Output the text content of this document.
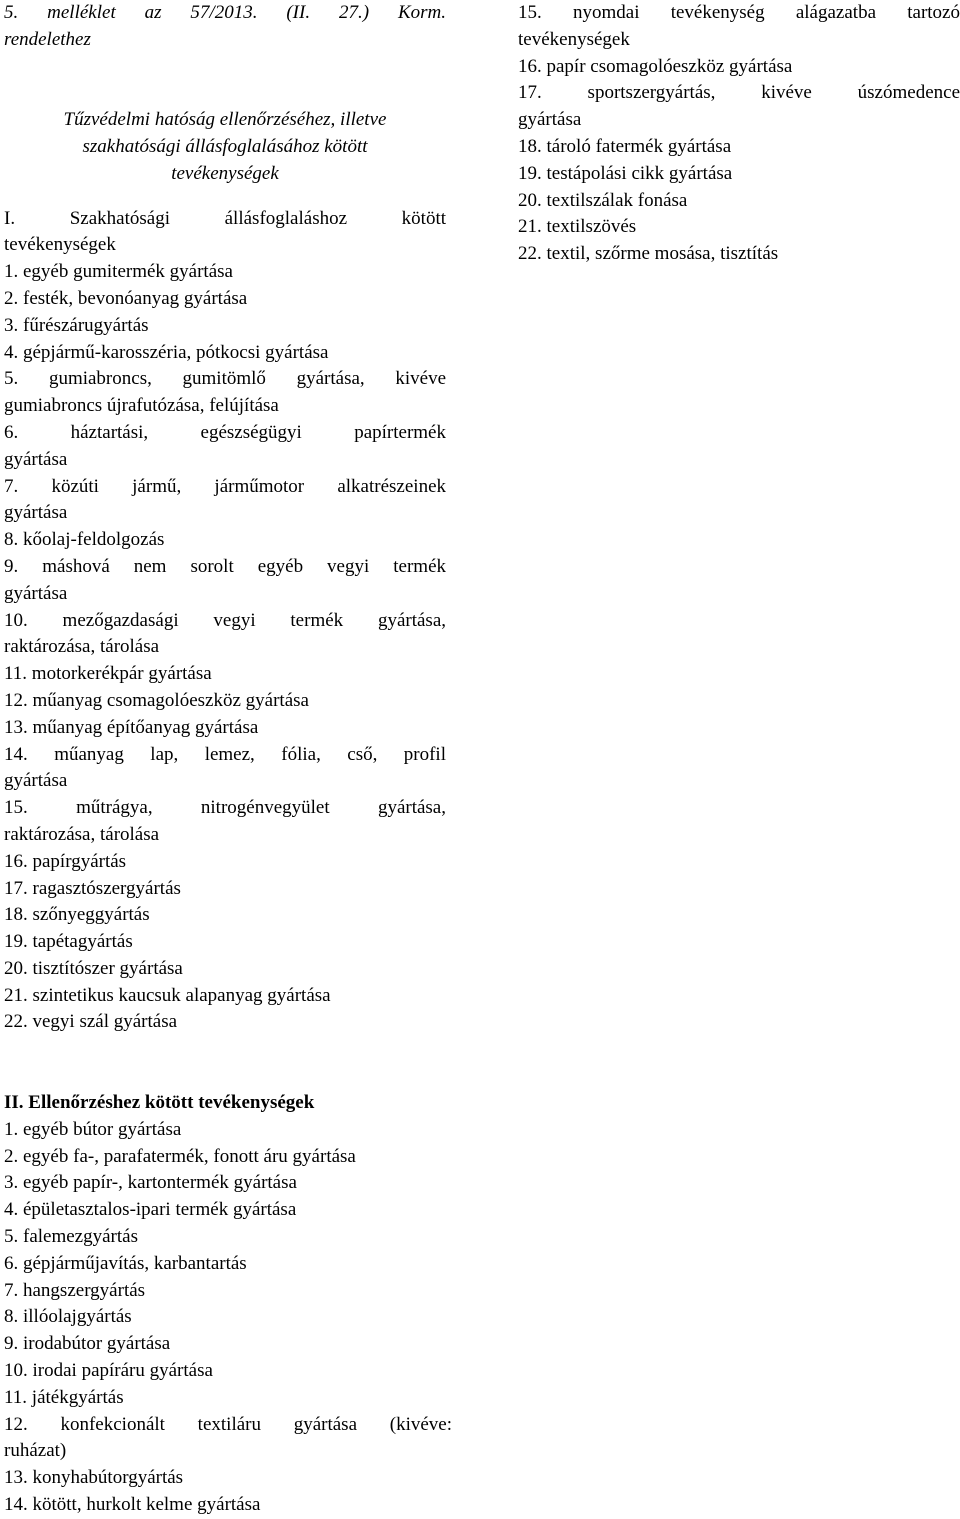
5. melléklet az 57/2013. (II. 27.) Korm.

rendelethez

Tűzvédelmi hatóság ellenőrzéséhez, illetve

szakhatósági állásfoglalásához kötött

tevékenységek

I. Szakhatósági állásfoglaláshoz kötött

tevékenységek

1. egyéb gumitermék gyártása

2. festék, bevonóanyag gyártása

3. fűrészárugyártás

4. gépjármű-karosszéria, pótkocsi gyártása

5. gumiabroncs, gumitömlő gyártása, kivéve

gumiabroncs újrafutózása, felújítása

6. háztartási, egészségügyi papírtermék

gyártása

7. közúti jármű, járműmotor alkatrészeinek

gyártása

8. kőolaj-feldolgozás

9. máshová nem sorolt egyéb vegyi termék

gyártása

10. mezőgazdasági vegyi termék gyártása,

raktározása, tárolása

11. motorkerékpár gyártása

12. műanyag csomagolóeszköz gyártása

13. műanyag építőanyag gyártása

14. műanyag lap, lemez, fólia, cső, profil

gyártása

15. műtrágya, nitrogénvegyület gyártása,

raktározása, tárolása

16. papírgyártás

17. ragasztószergyártás

18. szőnyeggyártás

19. tapétagyártás

20. tisztítószer gyártása

21. szintetikus kaucsuk alapanyag gyártása

22. vegyi szál gyártása

II. Ellenőrzéshez kötött tevékenységek

1. egyéb bútor gyártása

2. egyéb fa-, parafatermék, fonott áru gyártása

3. egyéb papír-, kartontermék gyártása

4. épületasztalos-ipari termék gyártása

5. falemezgyártás

6. gépjárműjavítás, karbantartás

7. hangszergyártás

8. illóolajgyártás

9. irodabútor gyártása

10. irodai papíráru gyártása

11. játékgyártás

12. konfekcionált textiláru gyártása (kivéve:

ruházat)

13. konyhabútorgyártás

14. kötött, hurkolt kelme gyártása

15. nyomdai tevékenység alágazatba tartozó

tevékenységek

16. papír csomagolóeszköz gyártása

17. sportszergyártás, kivéve úszómedence

gyártása

18. tároló fatermék gyártása

19. testápolási cikk gyártása

20. textilszálak fonása

21. textilszövés

22. textil, szőrme mosása, tisztítás
